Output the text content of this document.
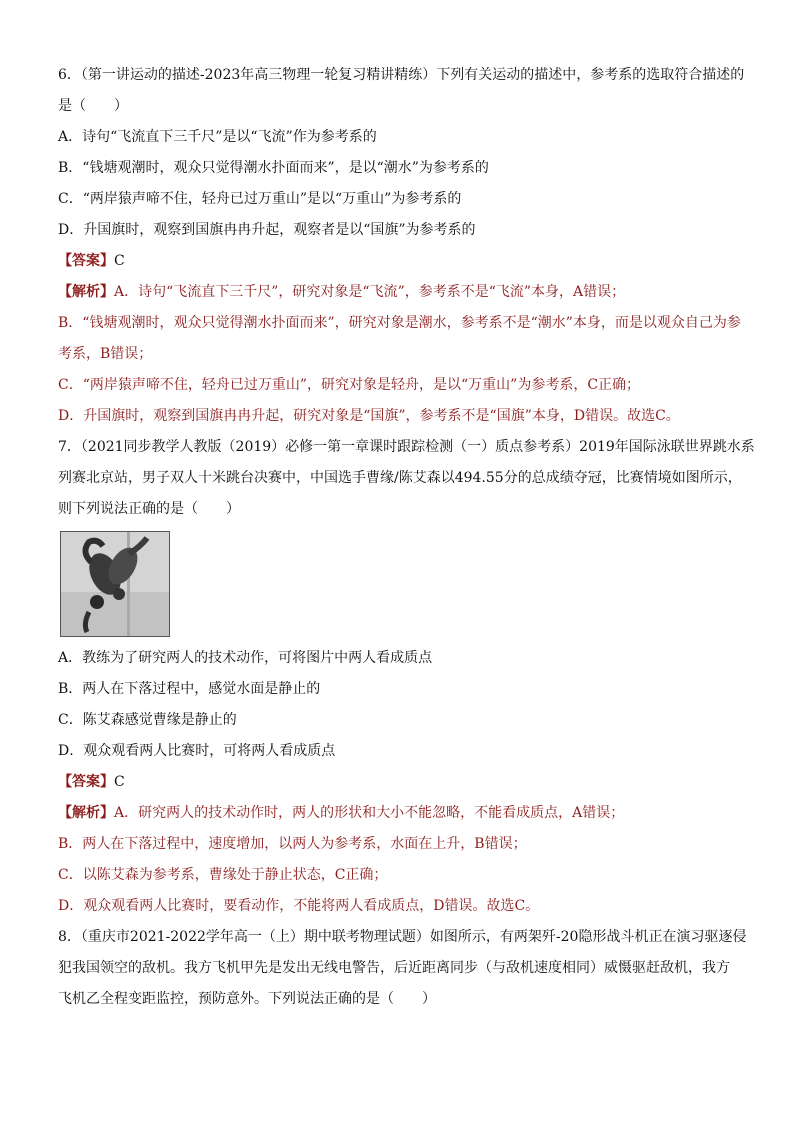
6．（第一讲运动的描述-2023年高三物理一轮复习精讲精练）下列有关运动的描述中，参考系的选取符合描述的
是（　　）
A．诗句“飞流直下三千尺”是以“飞流”作为参考系的
B．“钱塘观潮时，观众只觉得潮水扑面而来”，是以“潮水”为参考系的
C．“两岸猿声啼不住，轻舟已过万重山”是以“万重山”为参考系的
D．升国旗时，观察到国旗冉冉升起，观察者是以“国旗”为参考系的
【答案】C
【解析】A．诗句“飞流直下三千尺”，研究对象是“飞流”，参考系不是“飞流”本身，A错误；
B．“钱塘观潮时，观众只觉得潮水扑面而来”，研究对象是潮水，参考系不是“潮水”本身，而是以观众自己为参
考系，B错误；
C．“两岸猿声啼不住，轻舟已过万重山”，研究对象是轻舟，是以“万重山”为参考系，C正确；
D．升国旗时，观察到国旗冉冉升起，研究对象是“国旗”，参考系不是“国旗”本身，D错误。故选C。
7．（2021同步教学人教版（2019）必修一第一章课时跟踪检测（一）质点参考系）2019年国际泳联世界跳水系
列赛北京站，男子双人十米跳台决赛中，中国选手曹缘/陈艾森以494.55分的总成绩夺冠，比赛情境如图所示，
则下列说法正确的是（　　）
A．教练为了研究两人的技术动作，可将图片中两人看成质点
B．两人在下落过程中，感觉水面是静止的
C．陈艾森感觉曹缘是静止的
D．观众观看两人比赛时，可将两人看成质点
【答案】C
【解析】A．研究两人的技术动作时，两人的形状和大小不能忽略，不能看成质点，A错误；
B．两人在下落过程中，速度增加，以两人为参考系，水面在上升，B错误；
C．以陈艾森为参考系，曹缘处于静止状态，C正确；
D．观众观看两人比赛时，要看动作，不能将两人看成质点，D错误。故选C。
8．（重庆市2021-2022学年高一（上）期中联考物理试题）如图所示，有两架歼-20隐形战斗机正在演习驱逐侵
犯我国领空的敌机。我方飞机甲先是发出无线电警告，后近距离同步（与敌机速度相同）威慑驱赶敌机，我方
飞机乙全程变距监控，预防意外。下列说法正确的是（　　）
